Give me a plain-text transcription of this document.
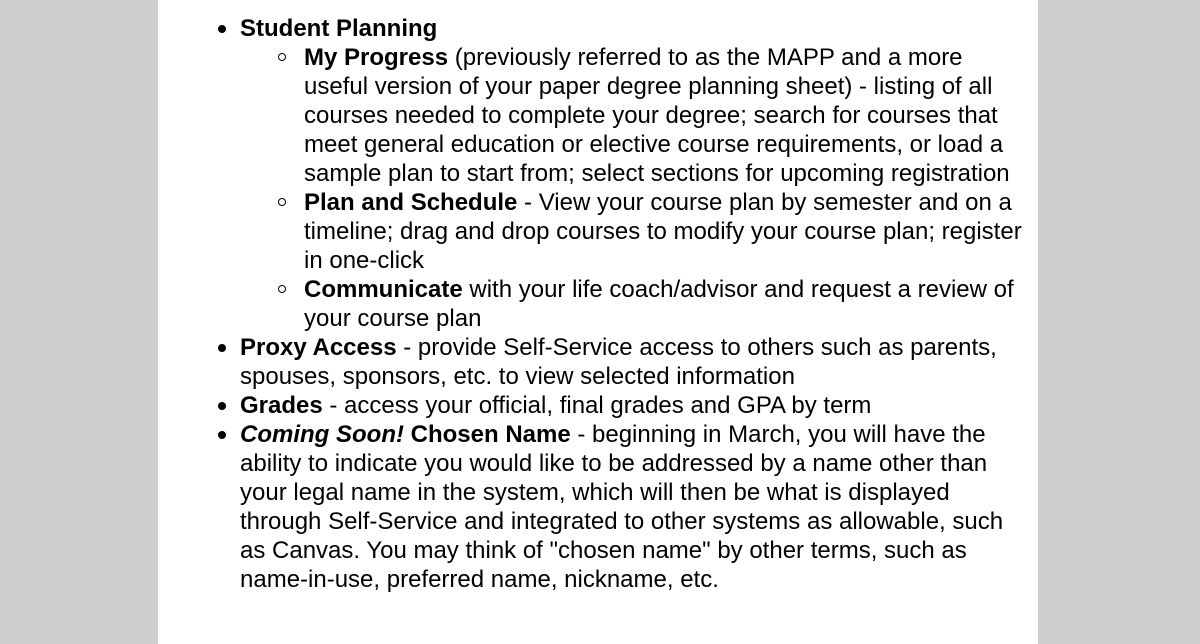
Student Planning
My Progress (previously referred to as the MAPP and a more useful version of your paper degree planning sheet) - listing of all courses needed to complete your degree; search for courses that meet general education or elective course requirements, or load a sample plan to start from; select sections for upcoming registration
Plan and Schedule - View your course plan by semester and on a timeline; drag and drop courses to modify your course plan; register in one-click
Communicate with your life coach/advisor and request a review of your course plan
Proxy Access - provide Self-Service access to others such as parents, spouses, sponsors, etc. to view selected information
Grades - access your official, final grades and GPA by term
Coming Soon! Chosen Name - beginning in March, you will have the ability to indicate you would like to be addressed by a name other than your legal name in the system, which will then be what is displayed through Self-Service and integrated to other systems as allowable, such as Canvas. You may think of "chosen name" by other terms, such as name-in-use, preferred name, nickname, etc.
